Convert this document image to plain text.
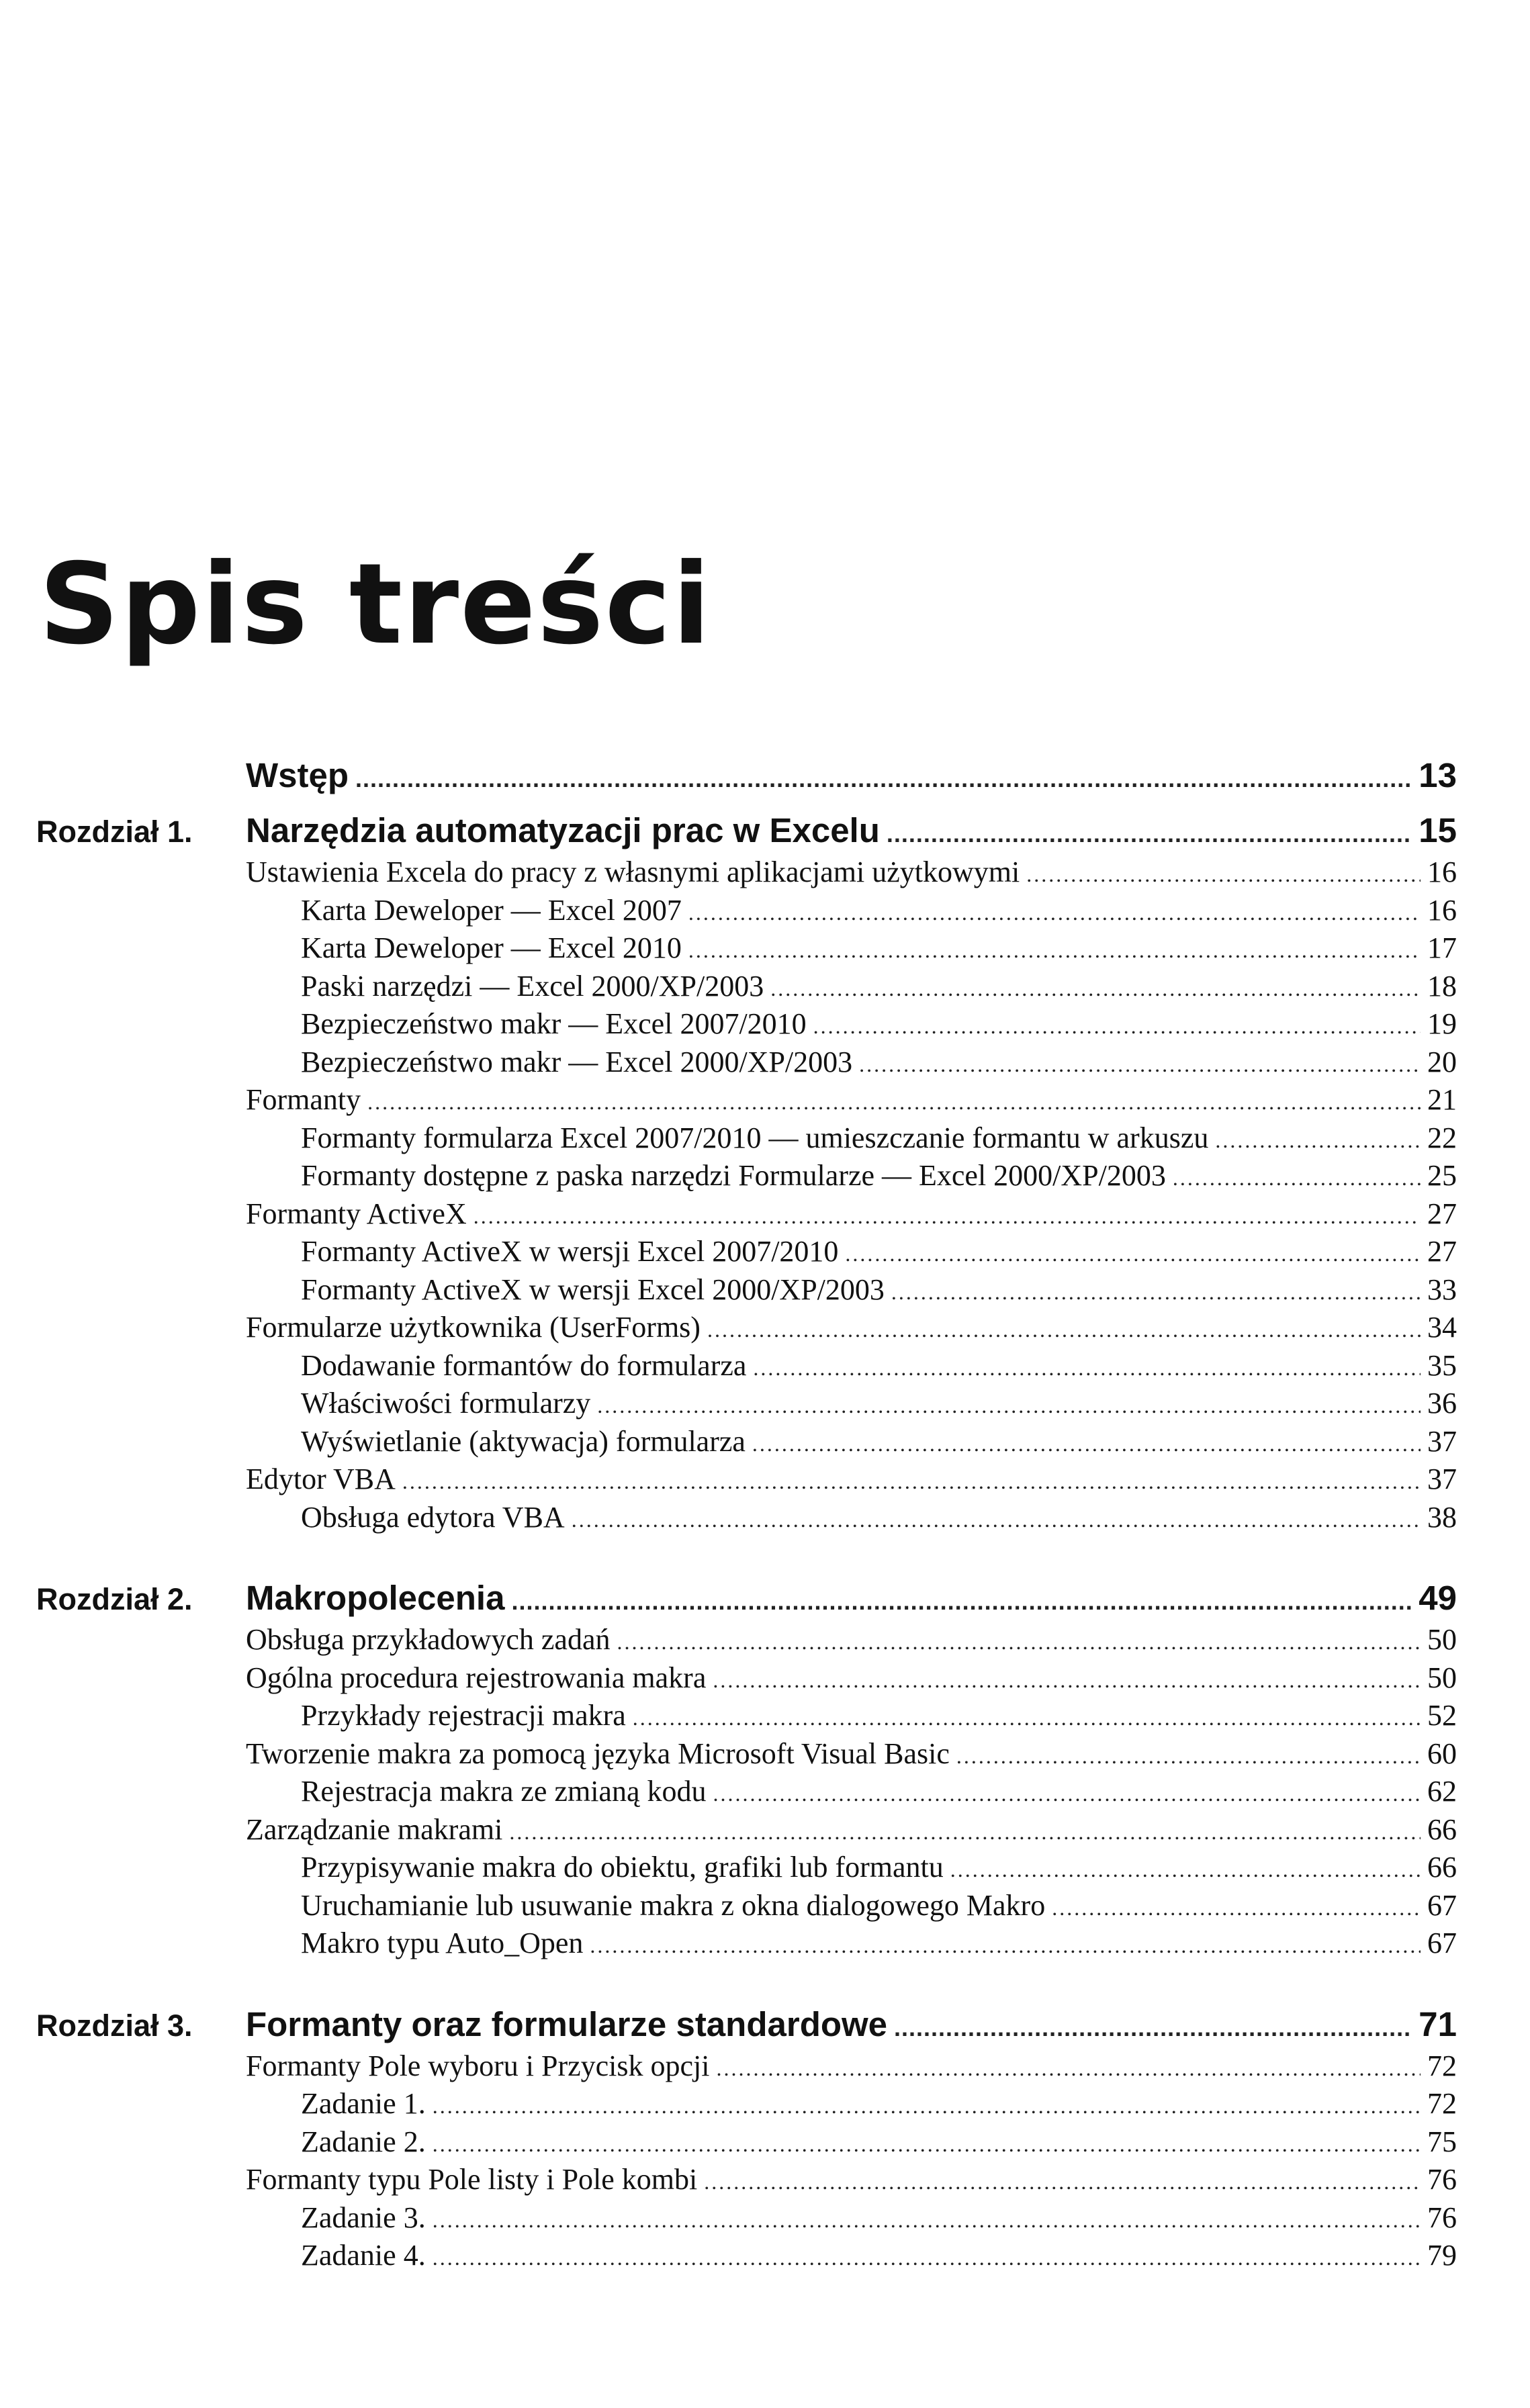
Spis treści
Wstęp .....	13
Rozdział 1.	Narzędzia automatyzacji prac w Excelu .....	15
Ustawienia Excela do pracy z własnymi aplikacjami użytkowymi .....	16
Karta Deweloper — Excel 2007 .....	16
Karta Deweloper — Excel 2010 .....	17
Paski narzędzi — Excel 2000/XP/2003 .....	18
Bezpieczeństwo makr — Excel 2007/2010 .....	19
Bezpieczeństwo makr — Excel 2000/XP/2003 .....	20
Formanty .....	21
Formanty formularza Excel 2007/2010 — umieszczanie formantu w arkuszu .....	22
Formanty dostępne z paska narzędzi Formularze — Excel 2000/XP/2003 .....	25
Formanty ActiveX .....	27
Formanty ActiveX w wersji Excel 2007/2010 .....	27
Formanty ActiveX w wersji Excel 2000/XP/2003 .....	33
Formularze użytkownika (UserForms) .....	34
Dodawanie formantów do formularza .....	35
Właściwości formularzy .....	36
Wyświetlanie (aktywacja) formularza .....	37
Edytor VBA .....	37
Obsługa edytora VBA .....	38
Rozdział 2.	Makropolecenia .....	49
Obsługa przykładowych zadań .....	50
Ogólna procedura rejestrowania makra .....	50
Przykłady rejestracji makra .....	52
Tworzenie makra za pomocą języka Microsoft Visual Basic .....	60
Rejestracja makra ze zmianą kodu .....	62
Zarządzanie makrami .....	66
Przypisywanie makra do obiektu, grafiki lub formantu .....	66
Uruchamianie lub usuwanie makra z okna dialogowego Makro .....	67
Makro typu Auto_Open .....	67
Rozdział 3.	Formanty oraz formularze standardowe .....	71
Formanty Pole wyboru i Przycisk opcji .....	72
Zadanie 1. .....	72
Zadanie 2. .....	75
Formanty typu Pole listy i Pole kombi .....	76
Zadanie 3. .....	76
Zadanie 4. .....	79
